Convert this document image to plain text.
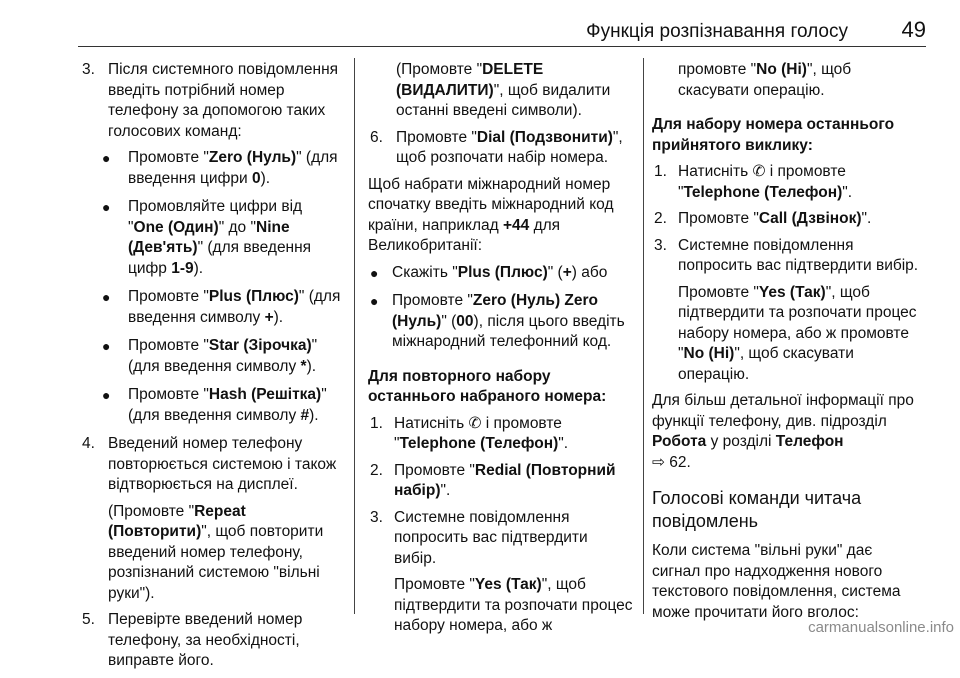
Функція розпізнавання голосу 49
3. Після системного повідомлення введіть потрібний номер телефону за допомогою таких голосових команд:

● Промовте "Zero (Нуль)" (для введення цифри 0).
● Промовляйте цифри від "One (Один)" до "Nine (Дев'ять)" (для введення цифр 1-9).
● Промовте "Plus (Плюс)" (для введення символу +).
● Промовте "Star (Зірочка)" (для введення символу *).
● Промовте "Hash (Решітка)" (для введення символу #).
4. Введений номер телефону повторюється системою і також відтворюється на дисплеї.

(Промовте "Repeat (Повторити)", щоб повторити введений номер телефону, розпізнаний системою "вільні руки").

5. Перевірте введений номер телефону, за необхідності, виправте його.

(Промовте "DELETE (ВИДАЛИТИ)", щоб видалити останні введені символи).

6. Промовте "Dial (Подзвонити)", щоб розпочати набір номера.

Щоб набрати міжнародний номер спочатку введіть міжнародний код країни, наприклад +44 для Великобританії:

● Скажіть "Plus (Плюс)" (+) або
● Промовте "Zero (Нуль) Zero (Нуль)" (00), після цього введіть міжнародний телефонний код.

Для повторного набору останнього набраного номера:

1. Натисніть ✆ і промовте "Telephone (Телефон)".

2. Промовте "Redial (Повторний набір)".

3. Системне повідомлення попросить вас підтвердити вибір.

Промовте "Yes (Так)", щоб підтвердити та розпочати процес набору номера, або ж

промовте "No (Ні)", щоб скасувати операцію.

Для набору номера останнього прийнятого виклику:

1. Натисніть ✆ і промовте "Telephone (Телефон)".

2. Промовте "Call (Дзвінок)".

3. Системне повідомлення попросить вас підтвердити вибір.

Промовте "Yes (Так)", щоб підтвердити та розпочати процес набору номера, або ж промовте "No (Ні)", щоб скасувати операцію.

Для більш детальної інформації про функції телефону, див. підрозділ Робота у розділі Телефон
⇨ 62.

Голосові команди читача повідомлень

Коли система "вільні руки" дає сигнал про надходження нового текстового повідомлення, система може прочитати його вголос:

carmanualsonline.info
